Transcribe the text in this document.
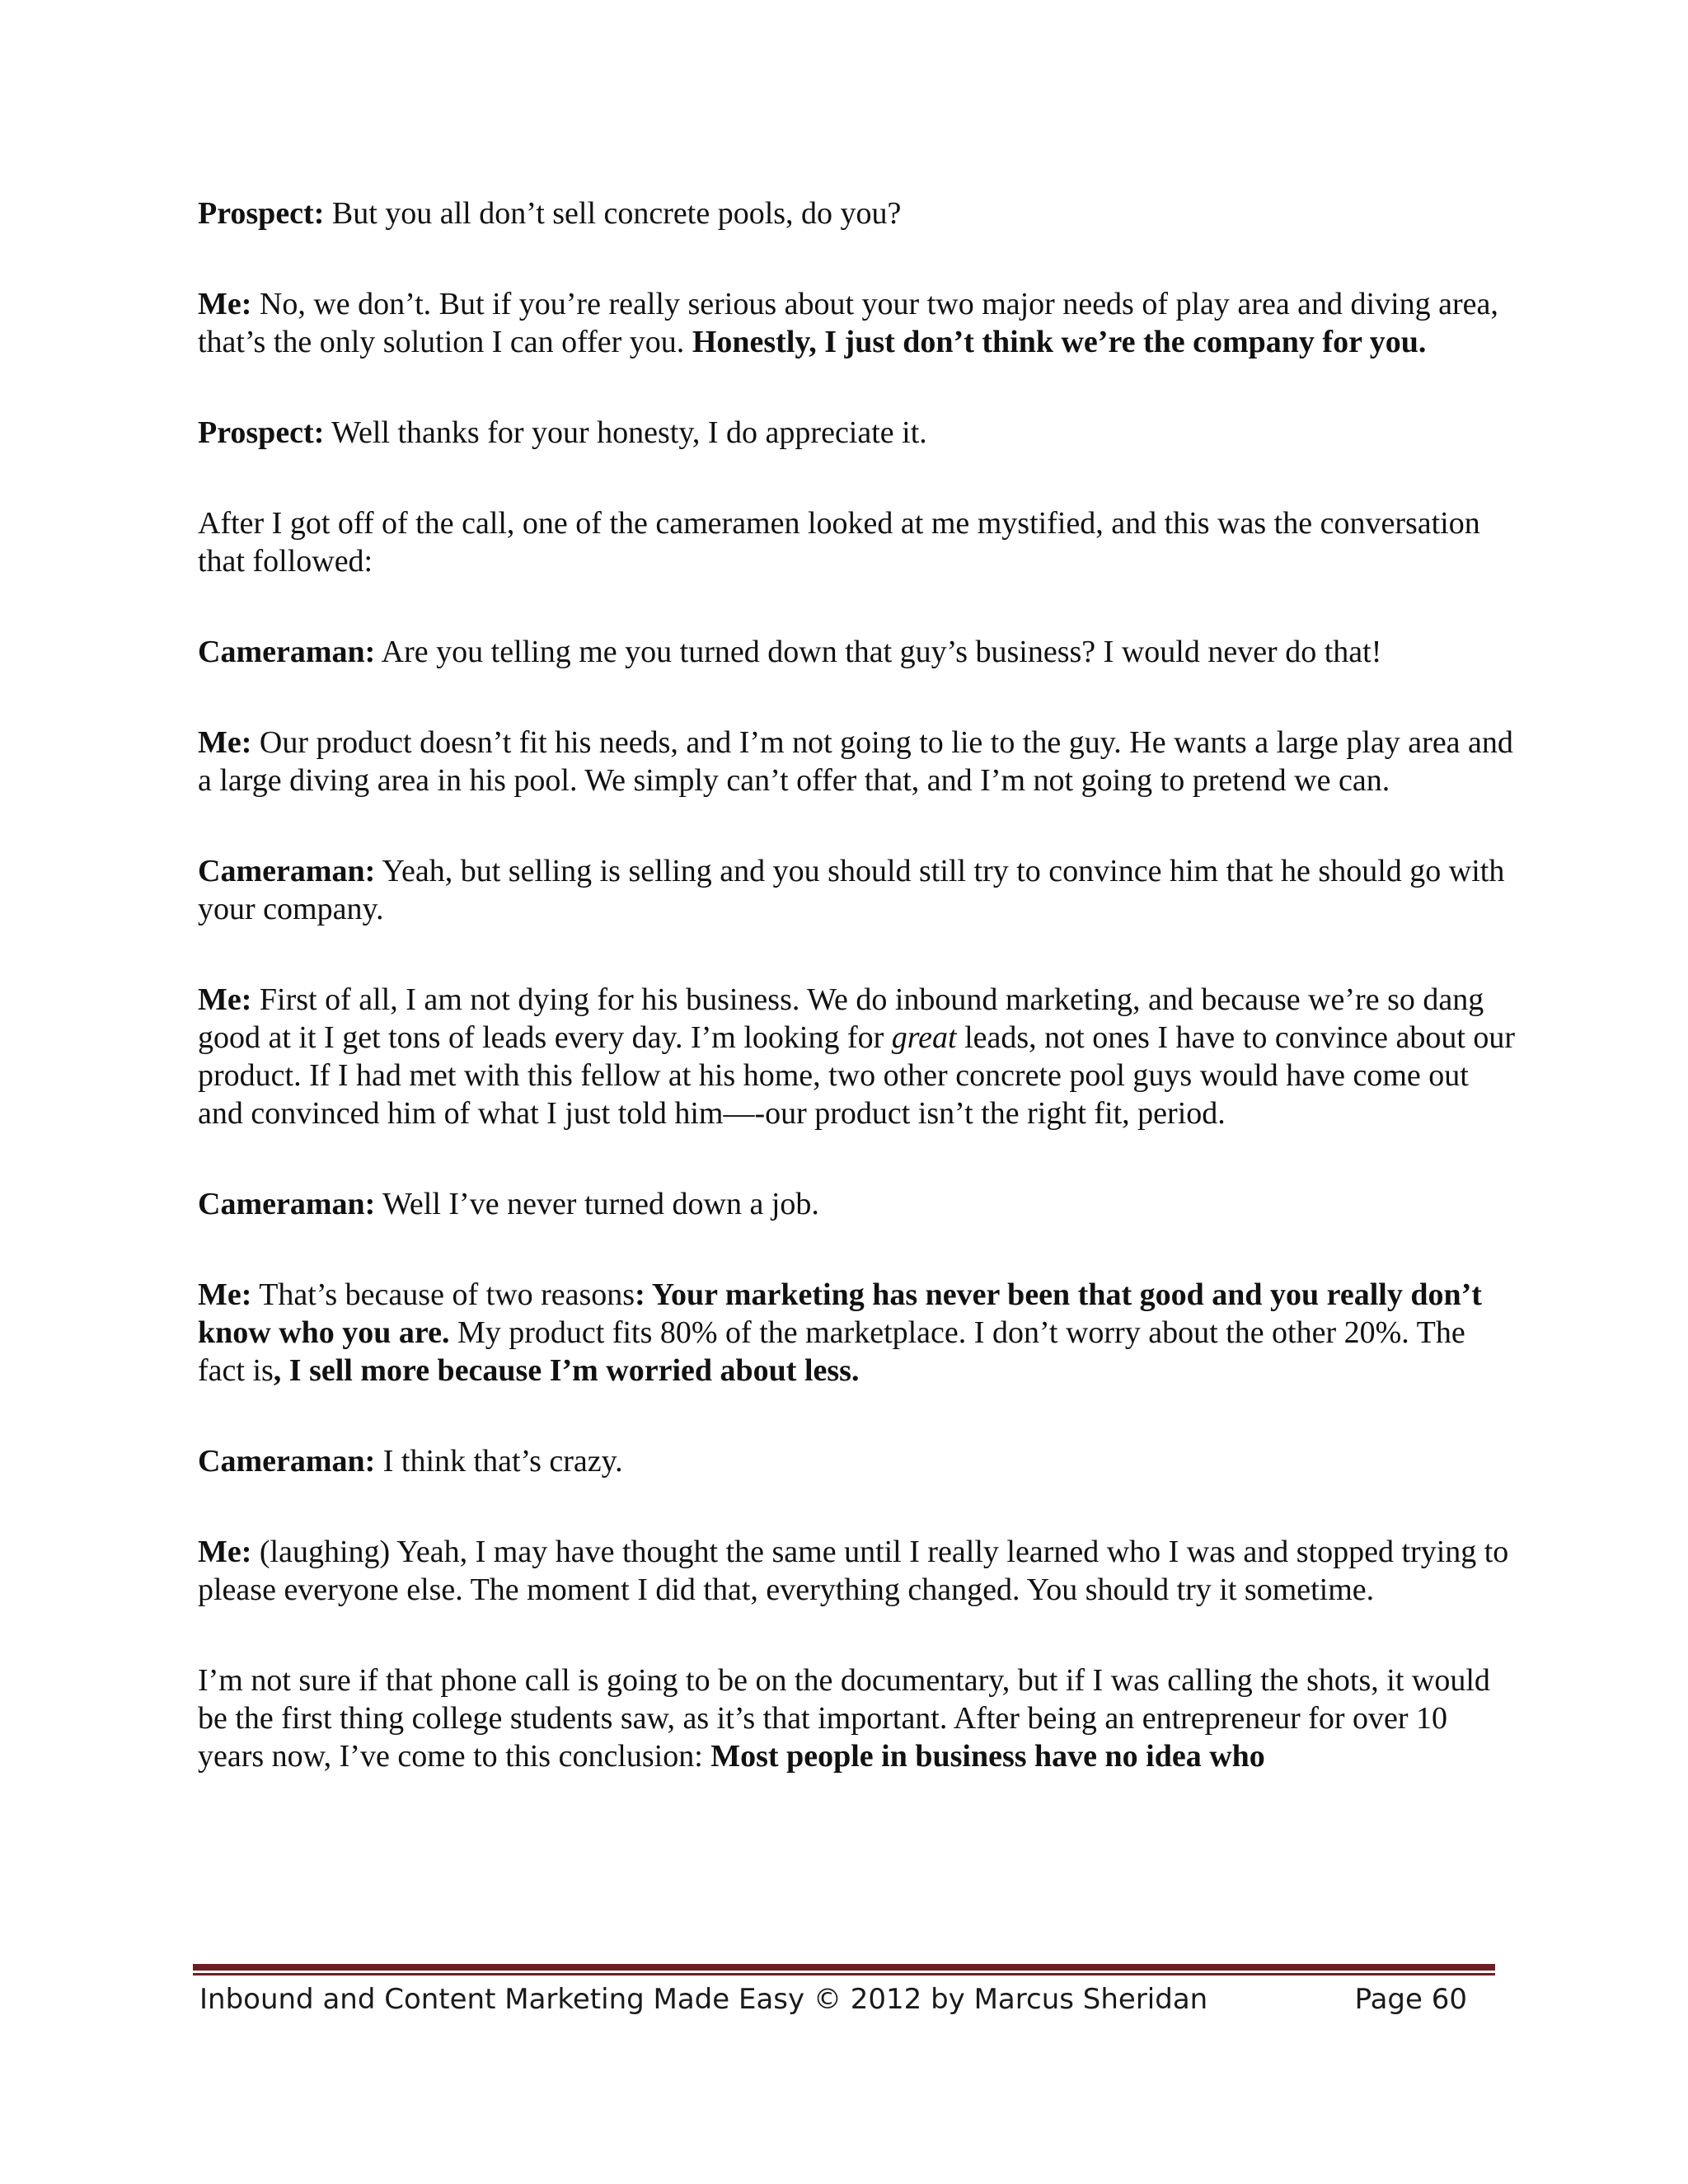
Prospect: But you all don’t sell concrete pools, do you?

Me: No, we don’t. But if you’re really serious about your two major needs of play area and diving area, that’s the only solution I can offer you. Honestly, I just don’t think we’re the company for you.

Prospect: Well thanks for your honesty, I do appreciate it.

After I got off of the call, one of the cameramen looked at me mystified, and this was the conversation that followed:

Cameraman: Are you telling me you turned down that guy’s business? I would never do that!

Me: Our product doesn’t fit his needs, and I’m not going to lie to the guy. He wants a large play area and a large diving area in his pool. We simply can’t offer that, and I’m not going to pretend we can.

Cameraman: Yeah, but selling is selling and you should still try to convince him that he should go with your company.

Me: First of all, I am not dying for his business. We do inbound marketing, and because we’re so dang good at it I get tons of leads every day. I’m looking for great leads, not ones I have to convince about our product. If I had met with this fellow at his home, two other concrete pool guys would have come out and convinced him of what I just told him—-our product isn’t the right fit, period.

Cameraman: Well I’ve never turned down a job.

Me: That’s because of two reasons: Your marketing has never been that good and you really don’t know who you are. My product fits 80% of the marketplace. I don’t worry about the other 20%. The fact is, I sell more because I’m worried about less.

Cameraman: I think that’s crazy.

Me: (laughing) Yeah, I may have thought the same until I really learned who I was and stopped trying to please everyone else. The moment I did that, everything changed. You should try it sometime.

I’m not sure if that phone call is going to be on the documentary, but if I was calling the shots, it would be the first thing college students saw, as it’s that important. After being an entrepreneur for over 10 years now, I’ve come to this conclusion: Most people in business have no idea who

Inbound and Content Marketing Made Easy © 2012 by Marcus Sheridan	Page 60
